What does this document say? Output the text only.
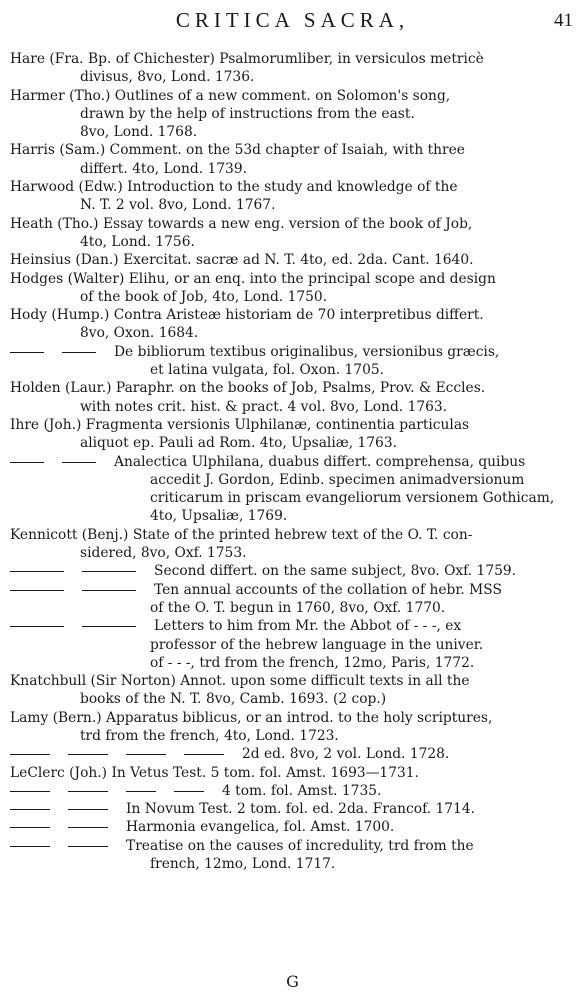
CRITICA SACRA,	41

Hare (Fra. Bp. of Chichester) Psalmorumliber, in versiculos metricè
divisus, 8vo, Lond. 1736.

Harmer (Tho.) Outlines of a new comment. on Solomon's song,
drawn by the help of instructions from the east.
8vo, Lond. 1768.

Harris (Sam.) Comment. on the 53d chapter of Isaiah, with three
differt. 4to, Lond. 1739.

Harwood (Edw.) Introduction to the study and knowledge of the
N. T. 2 vol. 8vo, Lond. 1767.

Heath (Tho.) Essay towards a new eng. version of the book of Job,
4to, Lond. 1756.

Heinsius (Dan.) Exercitat. sacræ ad N. T. 4to, ed. 2da. Cant. 1640.

Hodges (Walter) Elihu, or an enq. into the principal scope and design
of the book of Job, 4to, Lond. 1750.

Hody (Hump.) Contra Aristeæ historiam de 70 interpretibus differt.
8vo, Oxon. 1684.

De bibliorum textibus originalibus, versionibus græcis,
et latina vulgata, fol. Oxon. 1705.

Holden (Laur.) Paraphr. on the books of Job, Psalms, Prov. & Eccles.
with notes crit. hist. & pract. 4 vol. 8vo, Lond. 1763.

Ihre (Joh.) Fragmenta versionis Ulphilanæ, continentia particulas
aliquot ep. Pauli ad Rom. 4to, Upsaliæ, 1763.

Analectica Ulphilana, duabus differt. comprehensa, quibus
accedit J. Gordon, Edinb. specimen animadversionum
criticarum in priscam evangeliorum versionem Gothicam,
4to, Upsaliæ, 1769.

Kennicott (Benj.) State of the printed hebrew text of the O. T. con-
sidered, 8vo, Oxf. 1753.

Second differt. on the same subject, 8vo. Oxf. 1759.

Ten annual accounts of the collation of hebr. MSS
of the O. T. begun in 1760, 8vo, Oxf. 1770.

Letters to him from Mr. the Abbot of - - -, ex
professor of the hebrew language in the univer.
of - - -, trd from the french, 12mo, Paris, 1772.

Knatchbull (Sir Norton) Annot. upon some difficult texts in all the
books of the N. T. 8vo, Camb. 1693. (2 cop.)

Lamy (Bern.) Apparatus biblicus, or an introd. to the holy scriptures,
trd from the french, 4to, Lond. 1723.

2d ed. 8vo, 2 vol. Lond. 1728.

LeClerc (Joh.) In Vetus Test. 5 tom. fol. Amst. 1693—1731.

4 tom. fol. Amst. 1735.

In Novum Test. 2 tom. fol. ed. 2da. Francof. 1714.

Harmonia evangelica, fol. Amst. 1700.

Treatise on the causes of incredulity, trd from the
french, 12mo, Lond. 1717.

G
